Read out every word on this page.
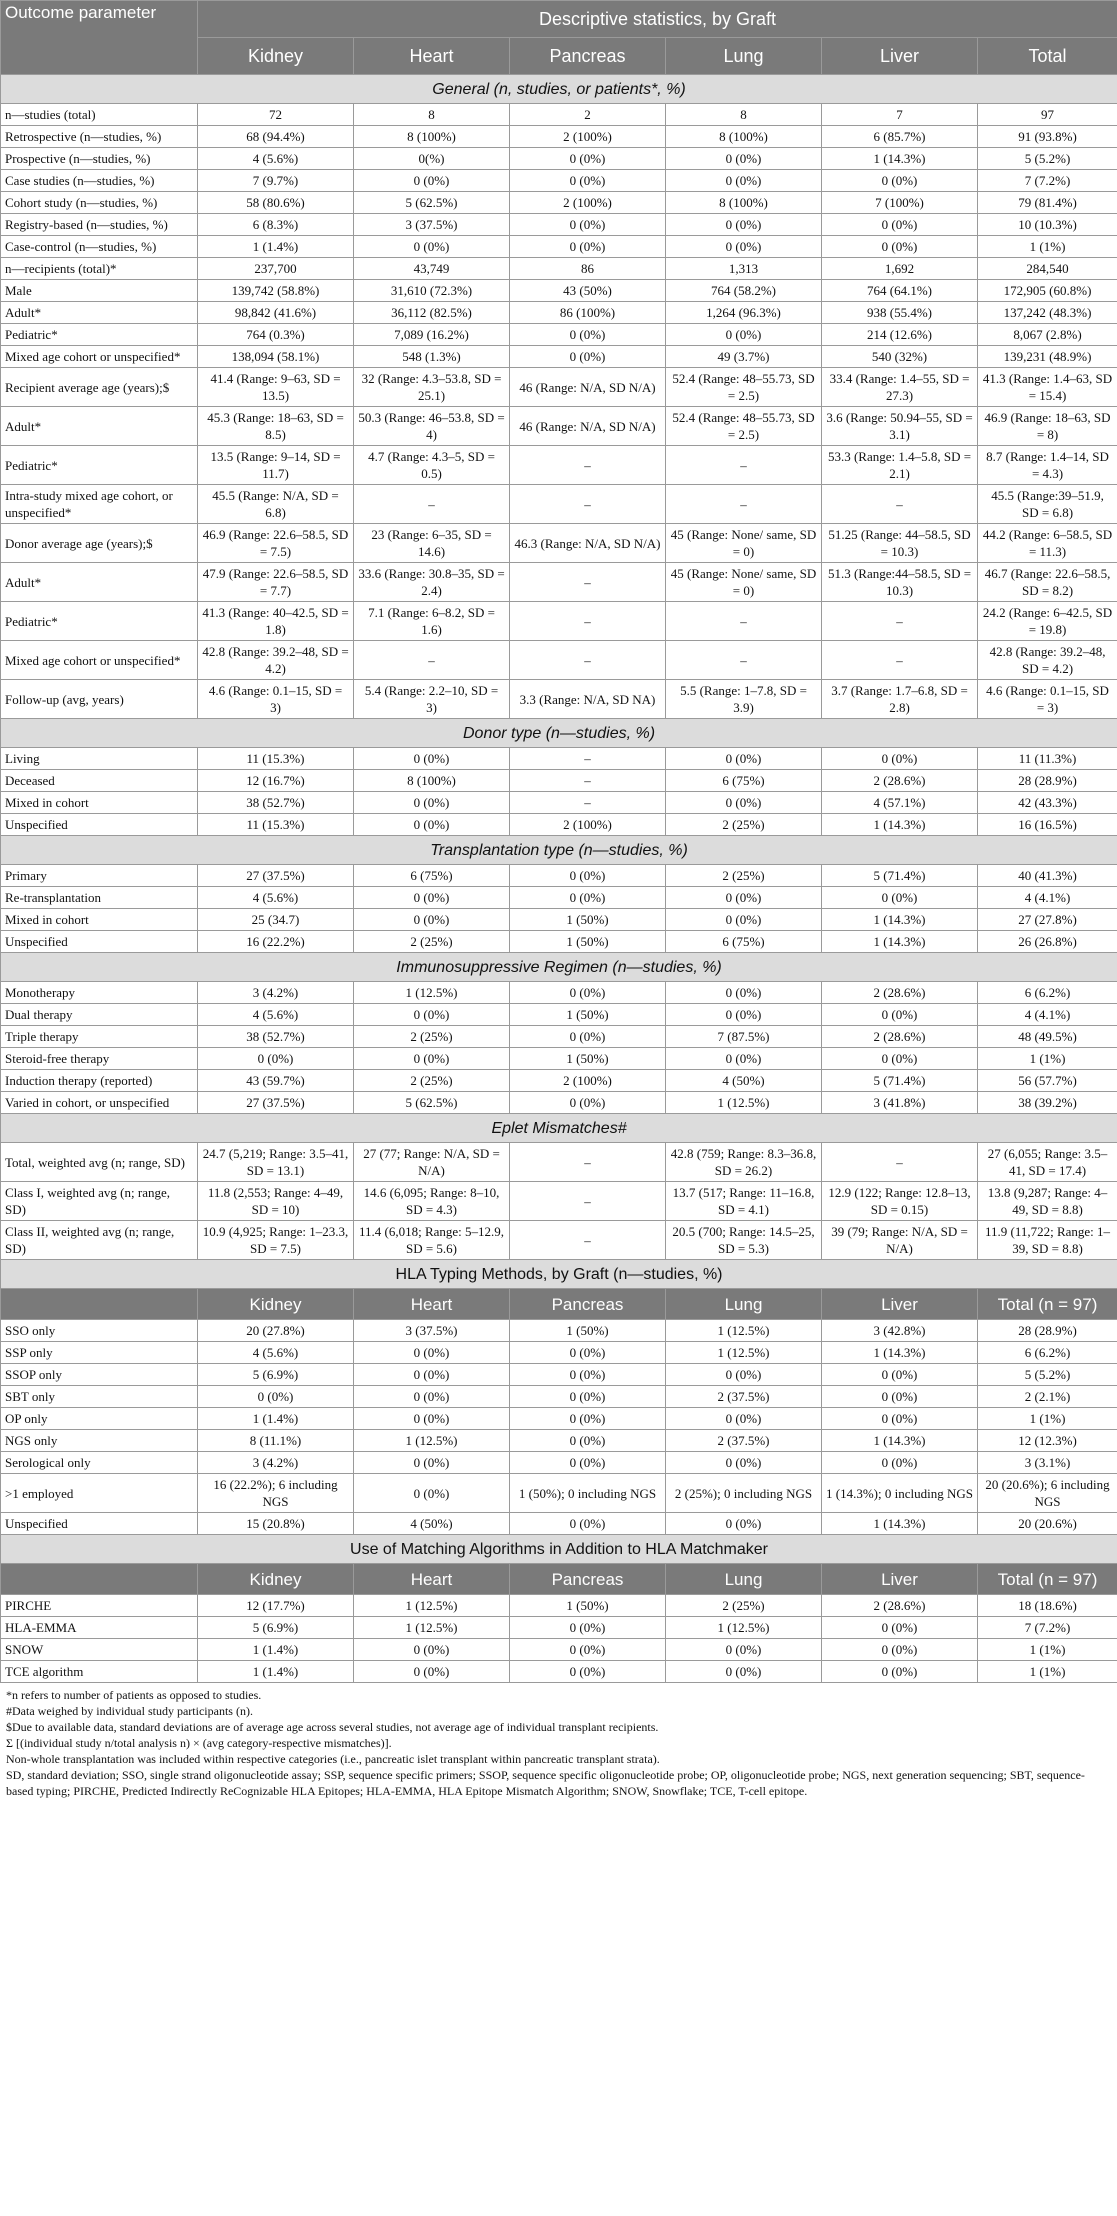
Outcome parameter	Descriptive statistics, by Graft					
	Kidney	Heart	Pancreas	Lung	Liver	Total
General (n, studies, or patients*, %)						
n—studies (total)	72	8	2	8	7	97
Retrospective (n—studies, %)	68 (94.4%)	8 (100%)	2 (100%)	8 (100%)	6 (85.7%)	91 (93.8%)
Prospective (n—studies, %)	4 (5.6%)	0(%)	0 (0%)	0 (0%)	1 (14.3%)	5 (5.2%)
Case studies (n—studies, %)	7 (9.7%)	0 (0%)	0 (0%)	0 (0%)	0 (0%)	7 (7.2%)
Cohort study (n—studies, %)	58 (80.6%)	5 (62.5%)	2 (100%)	8 (100%)	7 (100%)	79 (81.4%)
Registry-based (n—studies, %)	6 (8.3%)	3 (37.5%)	0 (0%)	0 (0%)	0 (0%)	10 (10.3%)
Case-control (n—studies, %)	1 (1.4%)	0 (0%)	0 (0%)	0 (0%)	0 (0%)	1 (1%)
n—recipients (total)*	237,700	43,749	86	1,313	1,692	284,540
Male	139,742 (58.8%)	31,610 (72.3%)	43 (50%)	764 (58.2%)	764 (64.1%)	172,905 (60.8%)
Adult*	98,842 (41.6%)	36,112 (82.5%)	86 (100%)	1,264 (96.3%)	938 (55.4%)	137,242 (48.3%)
Pediatric*	764 (0.3%)	7,089 (16.2%)	0 (0%)	0 (0%)	214 (12.6%)	8,067 (2.8%)
Mixed age cohort or unspecified*	138,094 (58.1%)	548 (1.3%)	0 (0%)	49 (3.7%)	540 (32%)	139,231 (48.9%)
Recipient average age (years);$	41.4 (Range: 9–63, SD = 13.5)	32 (Range: 4.3–53.8, SD = 25.1)	46 (Range: N/A, SD N/A)	52.4 (Range: 48–55.73, SD = 2.5)	33.4 (Range: 1.4–55, SD = 27.3)	41.3 (Range: 1.4–63, SD = 15.4)
Adult*	45.3 (Range: 18–63, SD = 8.5)	50.3 (Range: 46–53.8, SD = 4)	46 (Range: N/A, SD N/A)	52.4 (Range: 48–55.73, SD = 2.5)	3.6 (Range: 50.94–55, SD = 3.1)	46.9 (Range: 18–63, SD = 8)
Pediatric*	13.5 (Range: 9–14, SD = 11.7)	4.7 (Range: 4.3–5, SD = 0.5)	–	–	53.3 (Range: 1.4–5.8, SD = 2.1)	8.7 (Range: 1.4–14, SD = 4.3)
Intra-study mixed age cohort, or unspecified*	45.5 (Range: N/A, SD = 6.8)	–	–	–	–	45.5 (Range:39–51.9, SD = 6.8)
Donor average age (years);$	46.9 (Range: 22.6–58.5, SD = 7.5)	23 (Range: 6–35, SD = 14.6)	46.3 (Range: N/A, SD N/A)	45 (Range: None/ same, SD = 0)	51.25 (Range: 44–58.5, SD = 10.3)	44.2 (Range: 6–58.5, SD = 11.3)
Adult*	47.9 (Range: 22.6–58.5, SD = 7.7)	33.6 (Range: 30.8–35, SD = 2.4)	–	45 (Range: None/ same, SD = 0)	51.3 (Range:44–58.5, SD = 10.3)	46.7 (Range: 22.6–58.5, SD = 8.2)
Pediatric*	41.3 (Range: 40–42.5, SD = 1.8)	7.1 (Range: 6–8.2, SD = 1.6)	–	–	–	24.2 (Range: 6–42.5, SD = 19.8)
Mixed age cohort or unspecified*	42.8 (Range: 39.2–48, SD = 4.2)	–	–	–	–	42.8 (Range: 39.2–48, SD = 4.2)
Follow-up (avg, years)	4.6 (Range: 0.1–15, SD = 3)	5.4 (Range: 2.2–10, SD = 3)	3.3 (Range: N/A, SD NA)	5.5 (Range: 1–7.8, SD = 3.9)	3.7 (Range: 1.7–6.8, SD = 2.8)	4.6 (Range: 0.1–15, SD = 3)
Donor type (n—studies, %)						
Living	11 (15.3%)	0 (0%)	–	0 (0%)	0 (0%)	11 (11.3%)
Deceased	12 (16.7%)	8 (100%)	–	6 (75%)	2 (28.6%)	28 (28.9%)
Mixed in cohort	38 (52.7%)	0 (0%)	–	0 (0%)	4 (57.1%)	42 (43.3%)
Unspecified	11 (15.3%)	0 (0%)	2 (100%)	2 (25%)	1 (14.3%)	16 (16.5%)
Transplantation type (n—studies, %)						
Primary	27 (37.5%)	6 (75%)	0 (0%)	2 (25%)	5 (71.4%)	40 (41.3%)
Re-transplantation	4 (5.6%)	0 (0%)	0 (0%)	0 (0%)	0 (0%)	4 (4.1%)
Mixed in cohort	25 (34.7)	0 (0%)	1 (50%)	0 (0%)	1 (14.3%)	27 (27.8%)
Unspecified	16 (22.2%)	2 (25%)	1 (50%)	6 (75%)	1 (14.3%)	26 (26.8%)
Immunosuppressive Regimen (n—studies, %)						
Monotherapy	3 (4.2%)	1 (12.5%)	0 (0%)	0 (0%)	2 (28.6%)	6 (6.2%)
Dual therapy	4 (5.6%)	0 (0%)	1 (50%)	0 (0%)	0 (0%)	4 (4.1%)
Triple therapy	38 (52.7%)	2 (25%)	0 (0%)	7 (87.5%)	2 (28.6%)	48 (49.5%)
Steroid-free therapy	0 (0%)	0 (0%)	1 (50%)	0 (0%)	0 (0%)	1 (1%)
Induction therapy (reported)	43 (59.7%)	2 (25%)	2 (100%)	4 (50%)	5 (71.4%)	56 (57.7%)
Varied in cohort, or unspecified	27 (37.5%)	5 (62.5%)	0 (0%)	1 (12.5%)	3 (41.8%)	38 (39.2%)
Eplet Mismatches#						
Total, weighted avg (n; range, SD)	24.7 (5,219; Range: 3.5–41, SD = 13.1)	27 (77; Range: N/A, SD = N/A)	–	42.8 (759; Range: 8.3–36.8, SD = 26.2)	–	27 (6,055; Range: 3.5–41, SD = 17.4)
Class I, weighted avg (n; range, SD)	11.8 (2,553; Range: 4–49, SD = 10)	14.6 (6,095; Range: 8–10, SD = 4.3)	–	13.7 (517; Range: 11–16.8, SD = 4.1)	12.9 (122; Range: 12.8–13, SD = 0.15)	13.8 (9,287; Range: 4–49, SD = 8.8)
Class II, weighted avg (n; range, SD)	10.9 (4,925; Range: 1–23.3, SD = 7.5)	11.4 (6,018; Range: 5–12.9, SD = 5.6)	–	20.5 (700; Range: 14.5–25, SD = 5.3)	39 (79; Range: N/A, SD = N/A)	11.9 (11,722; Range: 1–39, SD = 8.8)
HLA Typing Methods, by Graft (n—studies, %)						
	Kidney	Heart	Pancreas	Lung	Liver	Total (n = 97)
SSO only	20 (27.8%)	3 (37.5%)	1 (50%)	1 (12.5%)	3 (42.8%)	28 (28.9%)
SSP only	4 (5.6%)	0 (0%)	0 (0%)	1 (12.5%)	1 (14.3%)	6 (6.2%)
SSOP only	5 (6.9%)	0 (0%)	0 (0%)	0 (0%)	0 (0%)	5 (5.2%)
SBT only	0 (0%)	0 (0%)	0 (0%)	2 (37.5%)	0 (0%)	2 (2.1%)
OP only	1 (1.4%)	0 (0%)	0 (0%)	0 (0%)	0 (0%)	1 (1%)
NGS only	8 (11.1%)	1 (12.5%)	0 (0%)	2 (37.5%)	1 (14.3%)	12 (12.3%)
Serological only	3 (4.2%)	0 (0%)	0 (0%)	0 (0%)	0 (0%)	3 (3.1%)
>1 employed	16 (22.2%); 6 including NGS	0 (0%)	1 (50%); 0 including NGS	2 (25%); 0 including NGS	1 (14.3%); 0 including NGS	20 (20.6%); 6 including NGS
Unspecified	15 (20.8%)	4 (50%)	0 (0%)	0 (0%)	1 (14.3%)	20 (20.6%)
Use of Matching Algorithms in Addition to HLA Matchmaker						
	Kidney	Heart	Pancreas	Lung	Liver	Total (n = 97)
PIRCHE	12 (17.7%)	1 (12.5%)	1 (50%)	2 (25%)	2 (28.6%)	18 (18.6%)
HLA-EMMA	5 (6.9%)	1 (12.5%)	0 (0%)	1 (12.5%)	0 (0%)	7 (7.2%)
SNOW	1 (1.4%)	0 (0%)	0 (0%)	0 (0%)	0 (0%)	1 (1%)
TCE algorithm	1 (1.4%)	0 (0%)	0 (0%)	0 (0%)	0 (0%)	1 (1%)
*n refers to number of patients as opposed to studies.
#Data weighed by individual study participants (n).
$Due to available data, standard deviations are of average age across several studies, not average age of individual transplant recipients.
Σ [(individual study n/total analysis n) × (avg category-respective mismatches)].
Non-whole transplantation was included within respective categories (i.e., pancreatic islet transplant within pancreatic transplant strata).
SD, standard deviation; SSO, single strand oligonucleotide assay; SSP, sequence specific primers; SSOP, sequence specific oligonucleotide probe; OP, oligonucleotide probe; NGS, next generation sequencing; SBT, sequence-based typing; PIRCHE, Predicted Indirectly ReCognizable HLA Epitopes; HLA-EMMA, HLA Epitope Mismatch Algorithm; SNOW, Snowflake; TCE, T-cell epitope.
